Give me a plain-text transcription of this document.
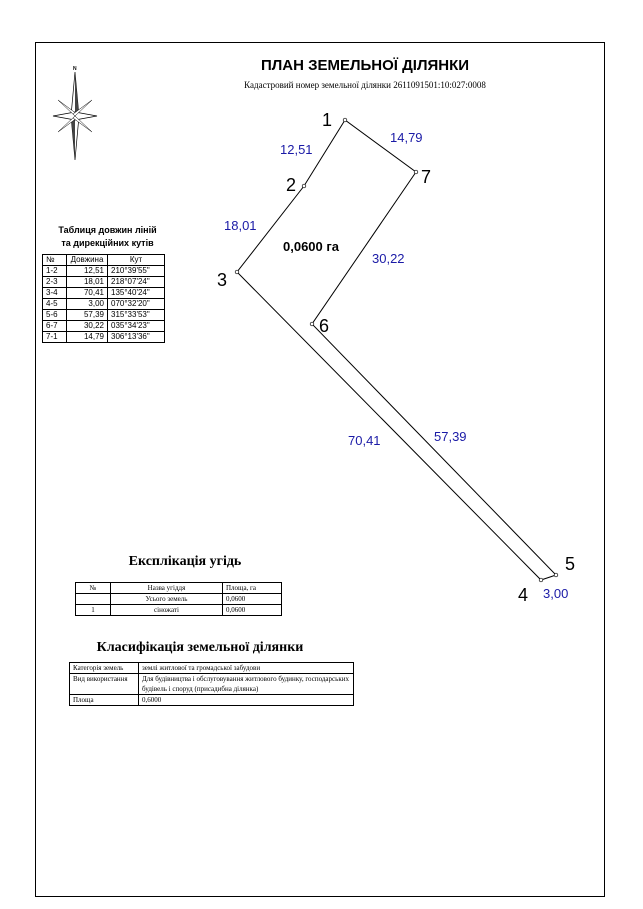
ПЛАН ЗЕМЕЛЬНОЇ ДІЛЯНКИ
Кадастровий номер земельної ділянки 2611091501:10:027:0008
N
1
2
3
4
5
6
7
12,51
18,01
70,41
3,00
57,39
30,22
14,79
0,0600 га
Таблиця довжин ліній
та дирекційних кутів
№	Довжина	Кут
1-2	12,51	210°39'55"
2-3	18,01	218°07'24"
3-4	70,41	135°40'24"
4-5	3,00	070°32'20"
5-6	57,39	315°33'53"
6-7	30,22	035°34'23"
7-1	14,79	306°13'36"
Експлікація угідь
№	Назва угіддя	Площа, га
	Усього земель	0,0600
1	сіножаті	0,0600
Класифікація земельної ділянки
Категорія земель	землі житлової та громадської забудови
Вид використання	Для будівництва і обслуговування житлового будинку, господарських будівель і споруд (присадибна ділянка)
Площа	0,6000
